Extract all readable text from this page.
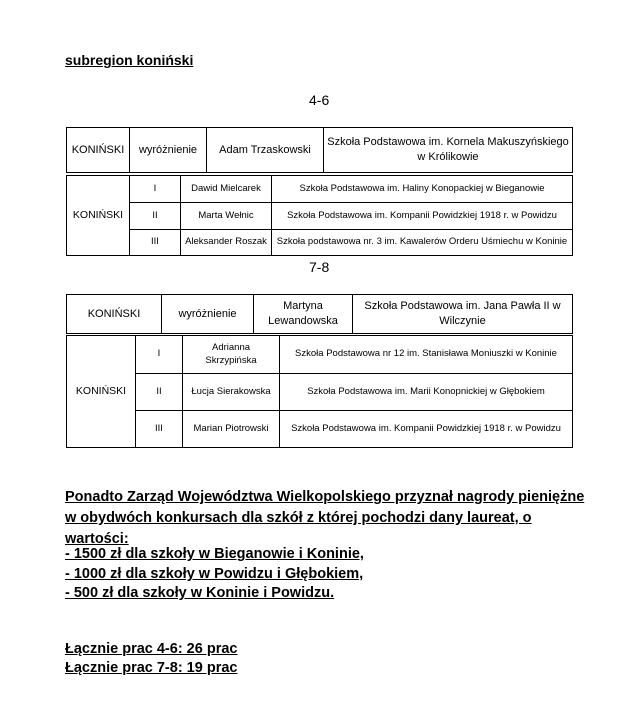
subregion koniński
4-6
KONIŃSKI	wyróżnienie	Adam Trzaskowski	Szkoła Podstawowa im. Kornela Makuszyńskiego w Królikowie
KONIŃSKI	I	Dawid Mielcarek	Szkoła Podstawowa im. Haliny Konopackiej w Bieganowie
	II	Marta Wełnic	Szkoła Podstawowa im. Kompanii Powidzkiej 1918 r. w Powidzu
	III	Aleksander Roszak	Szkoła podstawowa nr. 3 im. Kawalerów Orderu Uśmiechu w Koninie
7-8
KONIŃSKI	wyróżnienie	Martyna Lewandowska	Szkoła Podstawowa im. Jana Pawła II w Wilczynie
KONIŃSKI	I	Adrianna Skrzypińska	Szkoła Podstawowa nr 12 im. Stanisława Moniuszki w Koninie
	II	Łucja Sierakowska	Szkoła Podstawowa im. Marii Konopnickiej w Głębokiem
	III	Marian Piotrowski	Szkoła Podstawowa im. Kompanii Powidzkiej 1918 r. w Powidzu
Ponadto Zarząd Województwa Wielkopolskiego przyznał nagrody pieniężne w obydwóch konkursach dla szkół z której pochodzi dany laureat, o wartości:
- 1500 zł dla szkoły w Bieganowie i Koninie,
- 1000 zł dla szkoły w Powidzu i Głębokiem,
- 500 zł dla szkoły w Koninie i Powidzu.
Łącznie prac 4-6: 26 prac
Łącznie prac 7-8: 19 prac
